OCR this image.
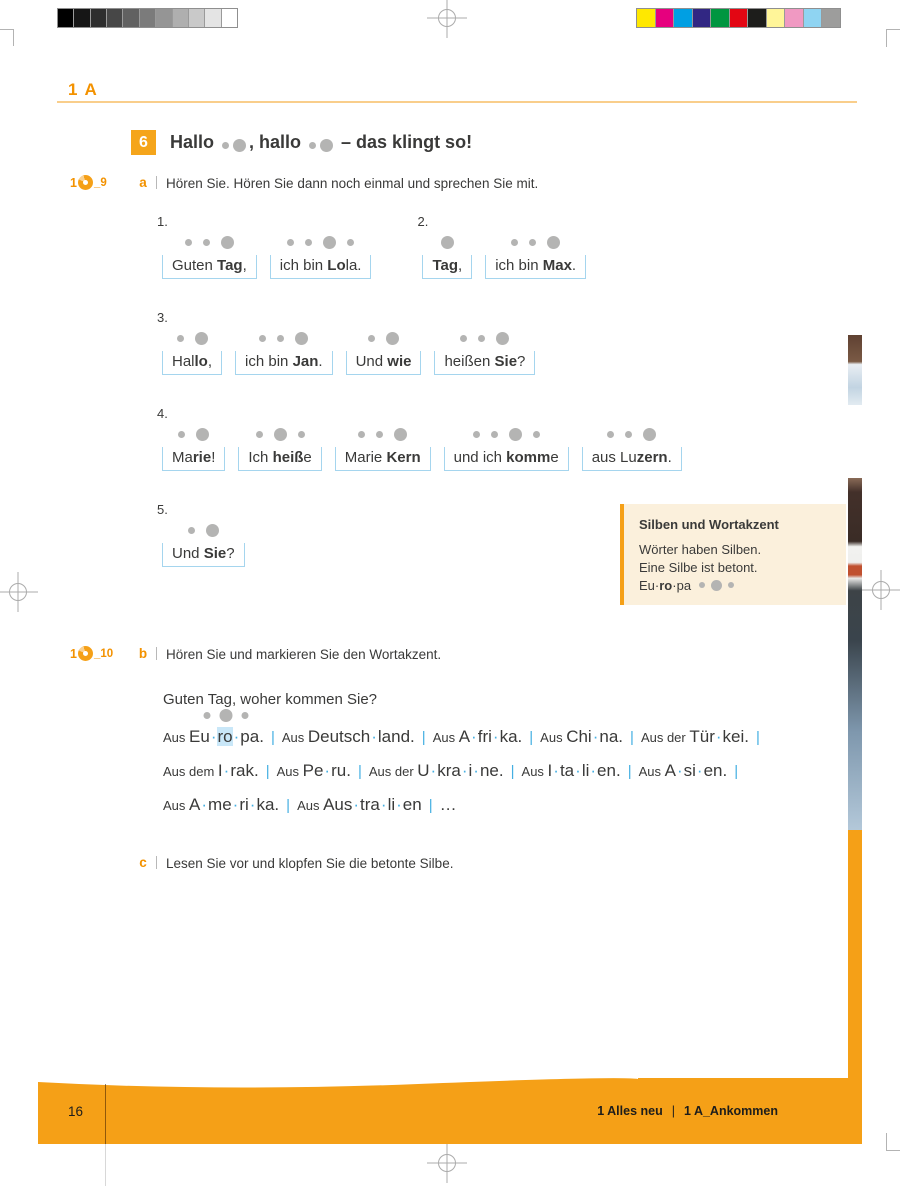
1 A
6	Hallo
, hallo
– das klingt so!
1 _9 a Hören Sie. Hören Sie dann noch einmal und sprechen Sie mit.
1.
Guten Tag,	ich bin Lola.
2.
Tag,	ich bin Max.
3.
Hallo,	ich bin Jan.	Und wie	heißen Sie?
4.
Marie!	Ich heiße	Marie Kern	und ich komme	aus Luzern.
5.
Und Sie?
Silben und Wortakzent

Wörter haben Silben.

Eine Silbe ist betont.

Eu·ro·pa
1 _10 b Hören Sie und markieren Sie den Wortakzent.
Guten Tag, woher kommen Sie?
Aus
Eu·ro·pa. | Aus Deutsch·land. | Aus A·fri·ka. | Aus Chi·na. | Aus der Tür·kei. |
Aus dem I·rak. | Aus Pe·ru. | Aus der U·kra·i·ne. | Aus I·ta·li·en. | Aus A·si·en. |
Aus A·me·ri·ka. | Aus Aus·tra·li·en | …
c Lesen Sie vor und klopfen Sie die betonte Silbe.
16	1 Alles neu | 1 A_Ankommen
